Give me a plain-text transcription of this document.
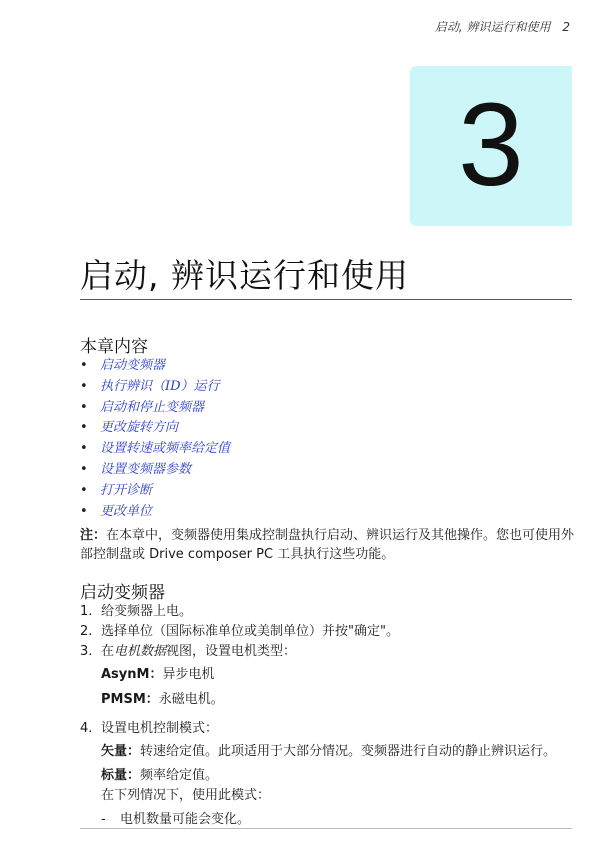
启动, 辨识运行和使用 2
3
启动, 辨识运行和使用
本章内容
• 启动变频器
• 执行辨识（ID）运行
• 启动和停止变频器
• 更改旋转方向
• 设置转速或频率给定值
• 设置变频器参数
• 打开诊断
• 更改单位
注：在本章中，变频器使用集成控制盘执行启动、辨识运行及其他操作。您也可使用外部控制盘或 Drive composer PC 工具执行这些功能。
启动变频器
1. 给变频器上电。
2. 选择单位（国际标准单位或美制单位）并按"确定"。
3. 在电机数据视图，设置电机类型：
AsynM：异步电机
PMSM：永磁电机。
4. 设置电机控制模式：
矢量：转速给定值。此项适用于大部分情况。变频器进行自动的静止辨识运行。
标量：频率给定值。
在下列情况下，使用此模式：
- 电机数量可能会变化。
